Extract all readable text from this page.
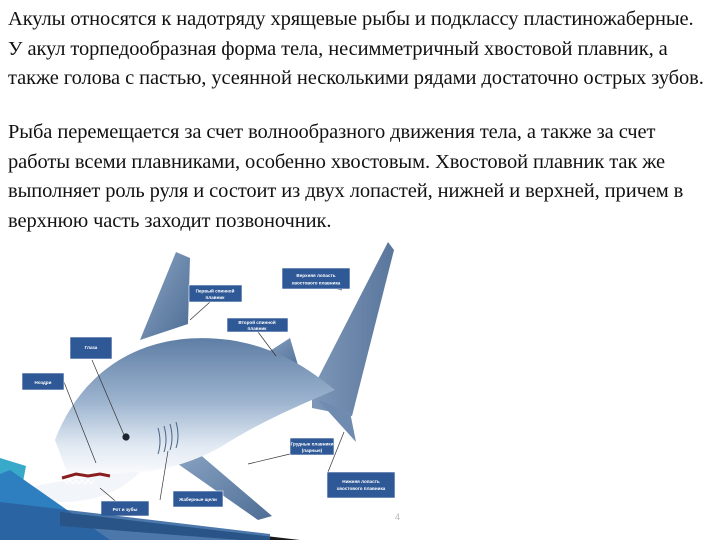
Акулы относятся к надотряду хрящевые рыбы и подклассу пластиножаберные. У акул торпедообразная форма тела, несимметричный хвостовой плавник, а также голова с пастью, усеянной несколькими рядами достаточно острых зубов.

Рыба перемещается за счет волнообразного движения тела, а также за счет работы всеми плавниками, особенно хвостовым. Хвостовой плавник так же выполняет роль руля и состоит из двух лопастей, нижней и верхней, причем в верхнюю часть заходит позвоночник.

Ноздри
Глаза
Первый спинной
плавник
Второй спинной
плавник
Верхняя лопасть
хвостового плавника
Грудные плавники
(парные)
Нижняя лопасть
хвостового плавника
Жаберные щели
Рот и зубы
4
